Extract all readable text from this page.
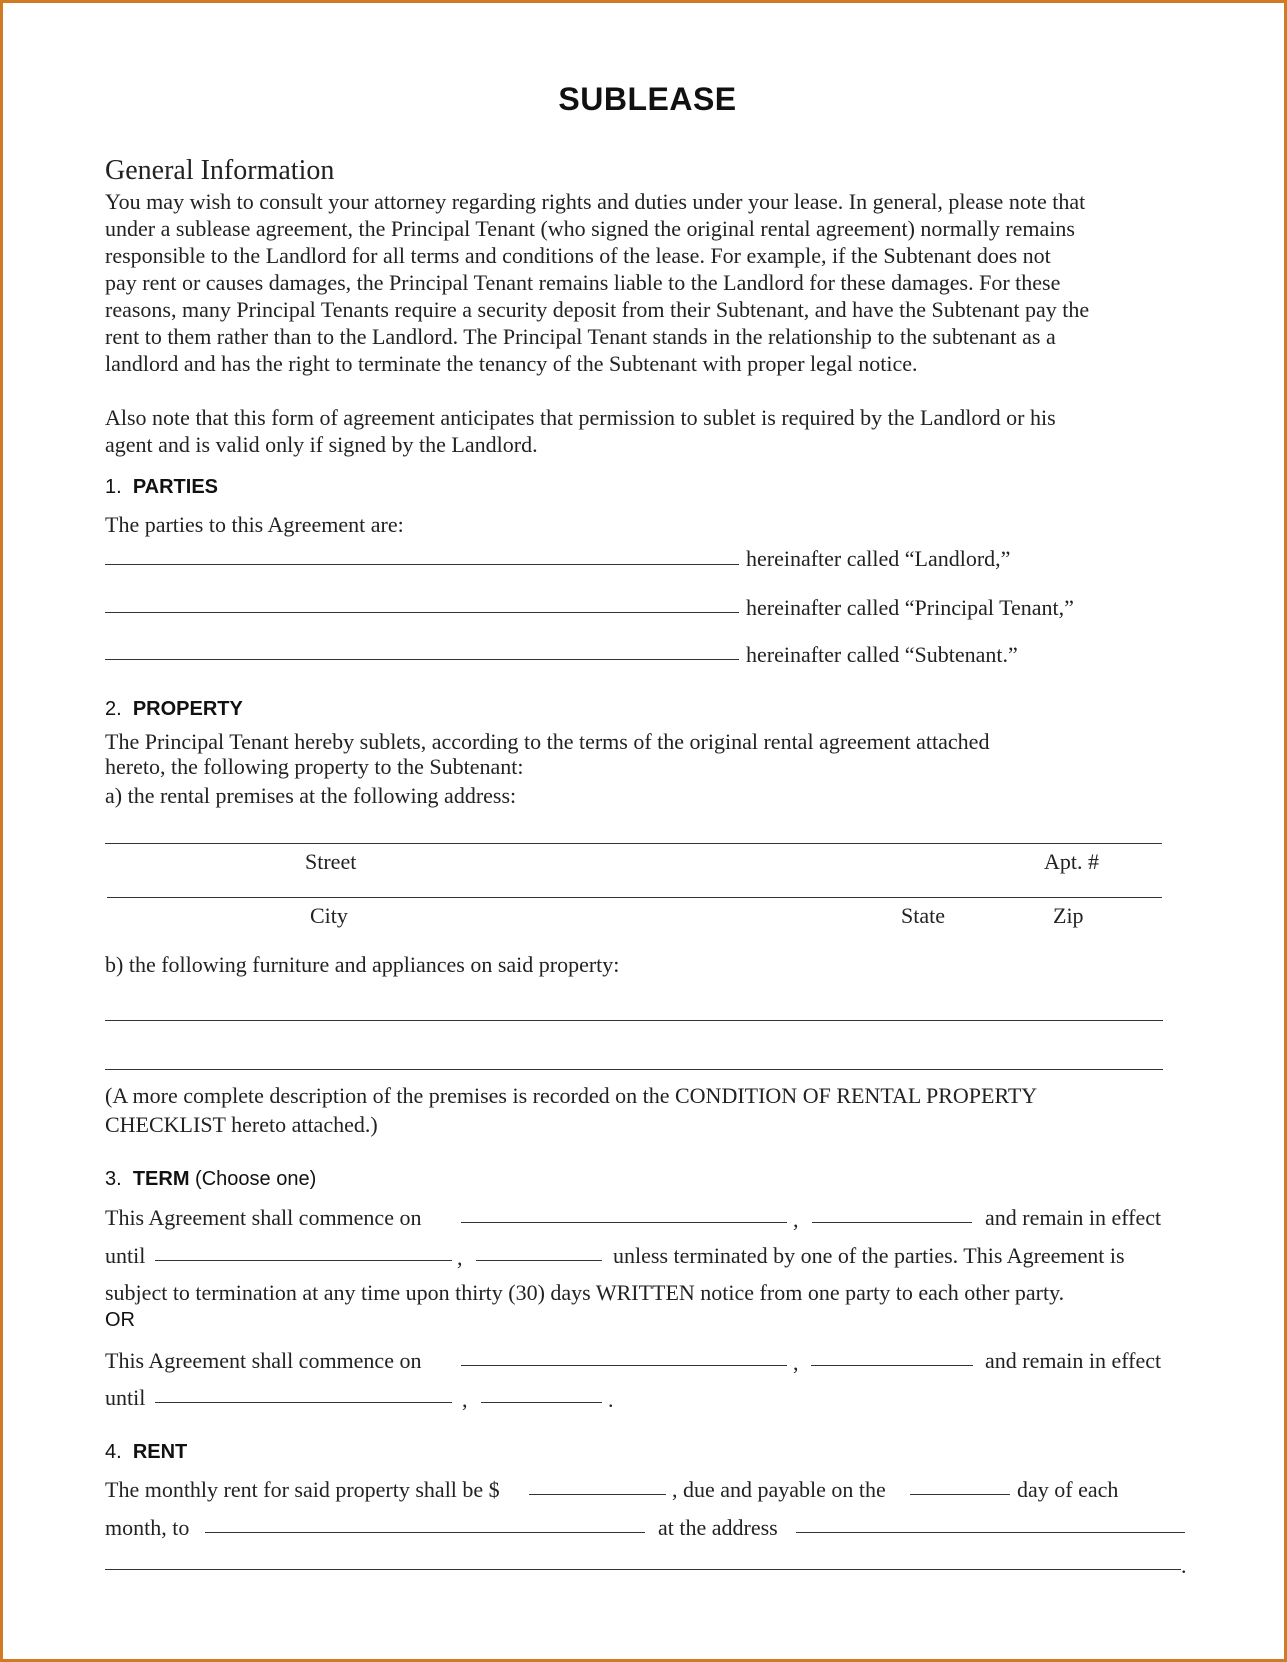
SUBLEASE
General Information
You may wish to consult your attorney regarding rights and duties under your lease. In general, please note that
under a sublease agreement, the Principal Tenant (who signed the original rental agreement) normally remains
responsible to the Landlord for all terms and conditions of the lease. For example, if the Subtenant does not
pay rent or causes damages, the Principal Tenant remains liable to the Landlord for these damages. For these
reasons, many Principal Tenants require a security deposit from their Subtenant, and have the Subtenant pay the
rent to them rather than to the Landlord. The Principal Tenant stands in the relationship to the subtenant as a
landlord and has the right to terminate the tenancy of the Subtenant with proper legal notice.
Also note that this form of agreement anticipates that permission to sublet is required by the Landlord or his
agent and is valid only if signed by the Landlord.
1. PARTIES
The parties to this Agreement are:
hereinafter called “Landlord,”
hereinafter called “Principal Tenant,”
hereinafter called “Subtenant.”
2. PROPERTY
The Principal Tenant hereby sublets, according to the terms of the original rental agreement attached
hereto, the following property to the Subtenant:
a) the rental premises at the following address:
Street	Apt. #
City	State	Zip
b) the following furniture and appliances on said property:
(A more complete description of the premises is recorded on the CONDITION OF RENTAL PROPERTY
CHECKLIST hereto attached.)
3. TERM (Choose one)
This Agreement shall commence on	,	and remain in effect
until	,	unless terminated by one of the parties. This Agreement is
subject to termination at any time upon thirty (30) days WRITTEN notice from one party to each other party.
OR
This Agreement shall commence on	,	and remain in effect
until	,	.
4. RENT
The monthly rent for said property shall be $	, due and payable on the	day of each
month, to	at the address
.
